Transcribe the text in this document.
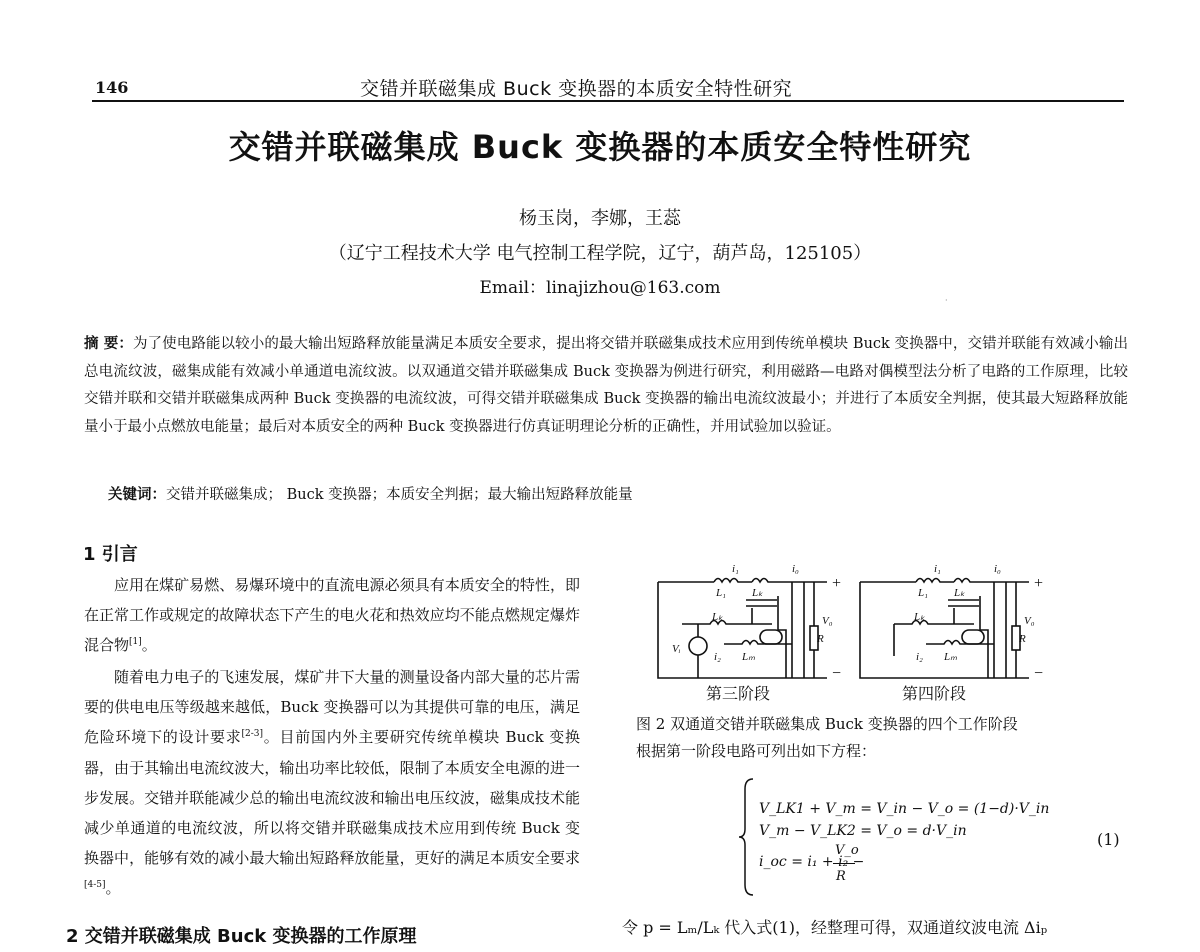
146	交错并联磁集成 Buck 变换器的本质安全特性研究
交错并联磁集成 Buck 变换器的本质安全特性研究
杨玉岗，李娜，王蕊
（辽宁工程技术大学 电气控制工程学院，辽宁，葫芦岛，125105）
Email：linajizhou@163.com
·
摘 要：为了使电路能以较小的最大输出短路释放能量满足本质安全要求，提出将交错并联磁集成技术应用到传统单模块 Buck 变换器中，交错并联能有效减小输出总电流纹波，磁集成能有效减小单通道电流纹波。以双通道交错并联磁集成 Buck 变换器为例进行研究，利用磁路—电路对偶模型法分析了电路的工作原理，比较交错并联和交错并联磁集成两种 Buck 变换器的电流纹波，可得交错并联磁集成 Buck 变换器的输出电流纹波最小；并进行了本质安全判据，使其最大短路释放能量小于最小点燃放电能量；最后对本质安全的两种 Buck 变换器进行仿真证明理论分析的正确性，并用试验加以验证。
关键词：交错并联磁集成； Buck 变换器；本质安全判据；最大输出短路释放能量
1 引言
应用在煤矿易燃、易爆环境中的直流电源必须具有本质安全的特性，即在正常工作或规定的故障状态下产生的电火花和热效应均不能点燃规定爆炸混合物[1]。
随着电力电子的飞速发展，煤矿井下大量的测量设备内部大量的芯片需要的供电电压等级越来越低，Buck 变换器可以为其提供可靠的电压，满足危险环境下的设计要求[2-3]。目前国内外主要研究传统单模块 Buck 变换器，由于其输出电流纹波大，输出功率比较低，限制了本质安全电源的进一步发展。交错并联能减少总的输出电流纹波和输出电压纹波，磁集成技术能减少单通道的电流纹波，所以将交错并联磁集成技术应用到传统 Buck 变换器中，能够有效的减小最大输出短路释放能量，更好的满足本质安全要求[4-5]。
2 交错并联磁集成 Buck 变换器的工作原理
i₁	i₀
L₁ Lₖ
Lₖ
Lₘ
i₂
V₀
R
Vᵢ
+
−
i₁	i₀
L₁ Lₖ
Lₖ
Lₘ
i₂
V₀
R
+
−
第三阶段	第四阶段
图 2 双通道交错并联磁集成 Buck 变换器的四个工作阶段
根据第一阶段电路可列出如下方程：
V_LK1 + V_m = V_in − V_o = (1−d)·V_in
V_m − V_LK2 = V_o = d·V_in
i_oc = i₁ + i₂ −
V_o
R
(1)
令 p = Lₘ/Lₖ 代入式(1)，经整理可得，双通道纹波电流 Δiₚ
